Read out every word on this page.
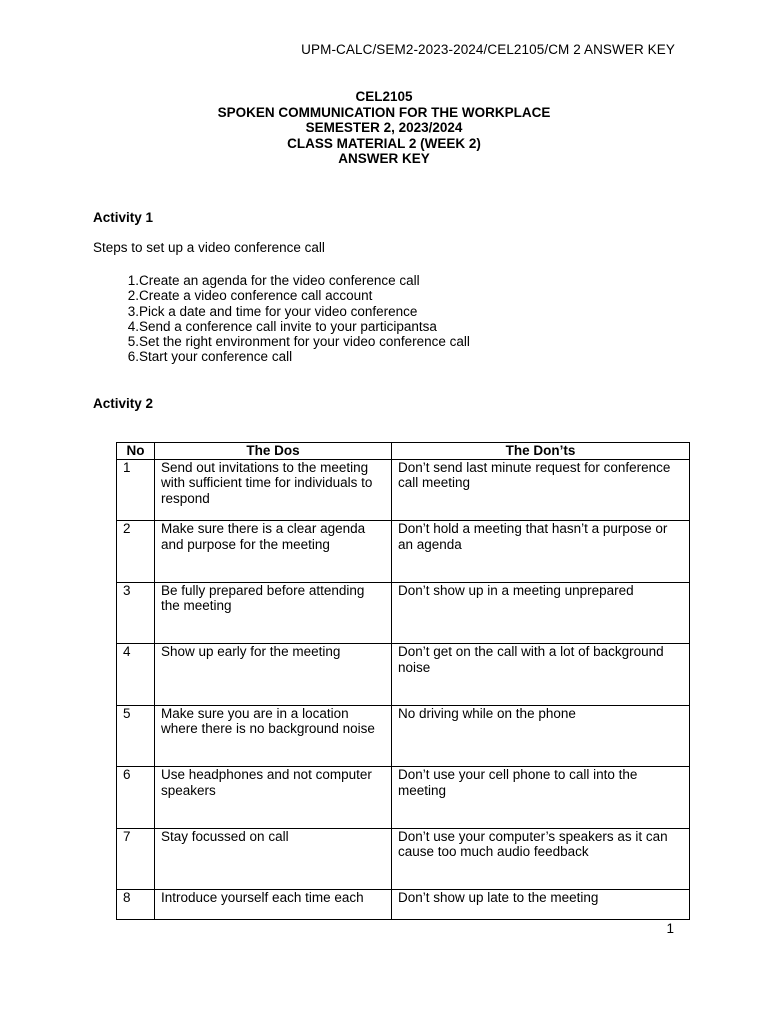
UPM-CALC/SEM2-2023-2024/CEL2105/CM 2 ANSWER KEY
CEL2105
SPOKEN COMMUNICATION FOR THE WORKPLACE
SEMESTER 2, 2023/2024
CLASS MATERIAL 2 (WEEK 2)
ANSWER KEY
Activity 1
Steps to set up a video conference call
1. Create an agenda for the video conference call
2. Create a video conference call account
3. Pick a date and time for your video conference
4. Send a conference call invite to your participantsa
5. Set the right environment for your video conference call
6. Start your conference call
Activity 2
No	The Dos	The Don’ts
1	Send out invitations to the meeting with sufficient time for individuals to respond	Don’t send last minute request for conference call meeting
2	Make sure there is a clear agenda and purpose for the meeting	Don’t hold a meeting that hasn’t a purpose or an agenda
3	Be fully prepared before attending the meeting	Don’t show up in a meeting unprepared
4	Show up early for the meeting	Don’t get on the call with a lot of background noise
5	Make sure you are in a location where there is no background noise	No driving while on the phone
6	Use headphones and not computer speakers	Don’t use your cell phone to call into the meeting
7	Stay focussed on call	Don’t use your computer’s speakers as it can cause too much audio feedback
8	Introduce yourself each time each	Don’t show up late to the meeting
1
